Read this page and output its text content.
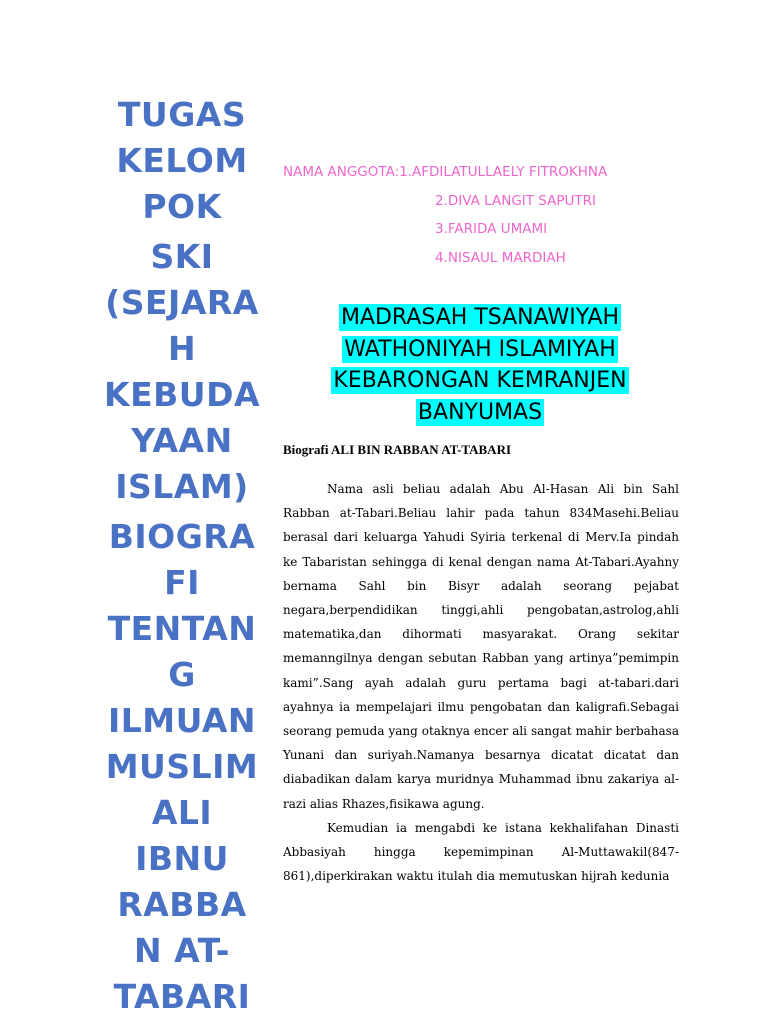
TUGAS KELOM POK

SKI (SEJARA H KEBUDA YAAN ISLAM)

BIOGRA FI TENTAN G ILMUAN MUSLIM ALI IBNU RABBA N AT-TABARI

NAMA ANGGOTA:1.AFDILATULLAELY FITROKHNA
2.DIVA LANGIT SAPUTRI
3.FARIDA UMAMI
4.NISAUL MARDIAH
MADRASAH TSANAWIYAH
WATHONIYAH ISLAMIYAH
KEBARONGAN KEMRANJEN
BANYUMAS
Biografi ALI BIN RABBAN AT-TABARI

Nama asli beliau adalah Abu Al-Hasan Ali bin Sahl Rabban at-Tabari.Beliau lahir pada tahun 834Masehi.Beliau berasal dari keluarga Yahudi Syiria terkenal di Merv.Ia pindah ke Tabaristan sehingga di kenal dengan nama At-Tabari.Ayahny bernama Sahl bin Bisyr adalah seorang pejabat negara,berpendidikan tinggi,ahli pengobatan,astrolog,ahli matematika,dan dihormati masyarakat. Orang sekitar memanngilnya dengan sebutan Rabban yang artinya”pemimpin kami”.Sang ayah adalah guru pertama bagi at-tabari.dari ayahnya ia mempelajari ilmu pengobatan dan kaligrafi.Sebagai seorang pemuda yang otaknya encer ali sangat mahir berbahasa Yunani dan suriyah.Namanya besarnya dicatat dicatat dan diabadikan dalam karya muridnya Muhammad ibnu zakariya al-razi alias Rhazes,fisikawa agung.

Kemudian ia mengabdi ke istana kekhalifahan Dinasti Abbasiyah hingga kepemimpinan Al-Muttawakil(847-861),diperkirakan waktu itulah dia memutuskan hijrah kedunia
